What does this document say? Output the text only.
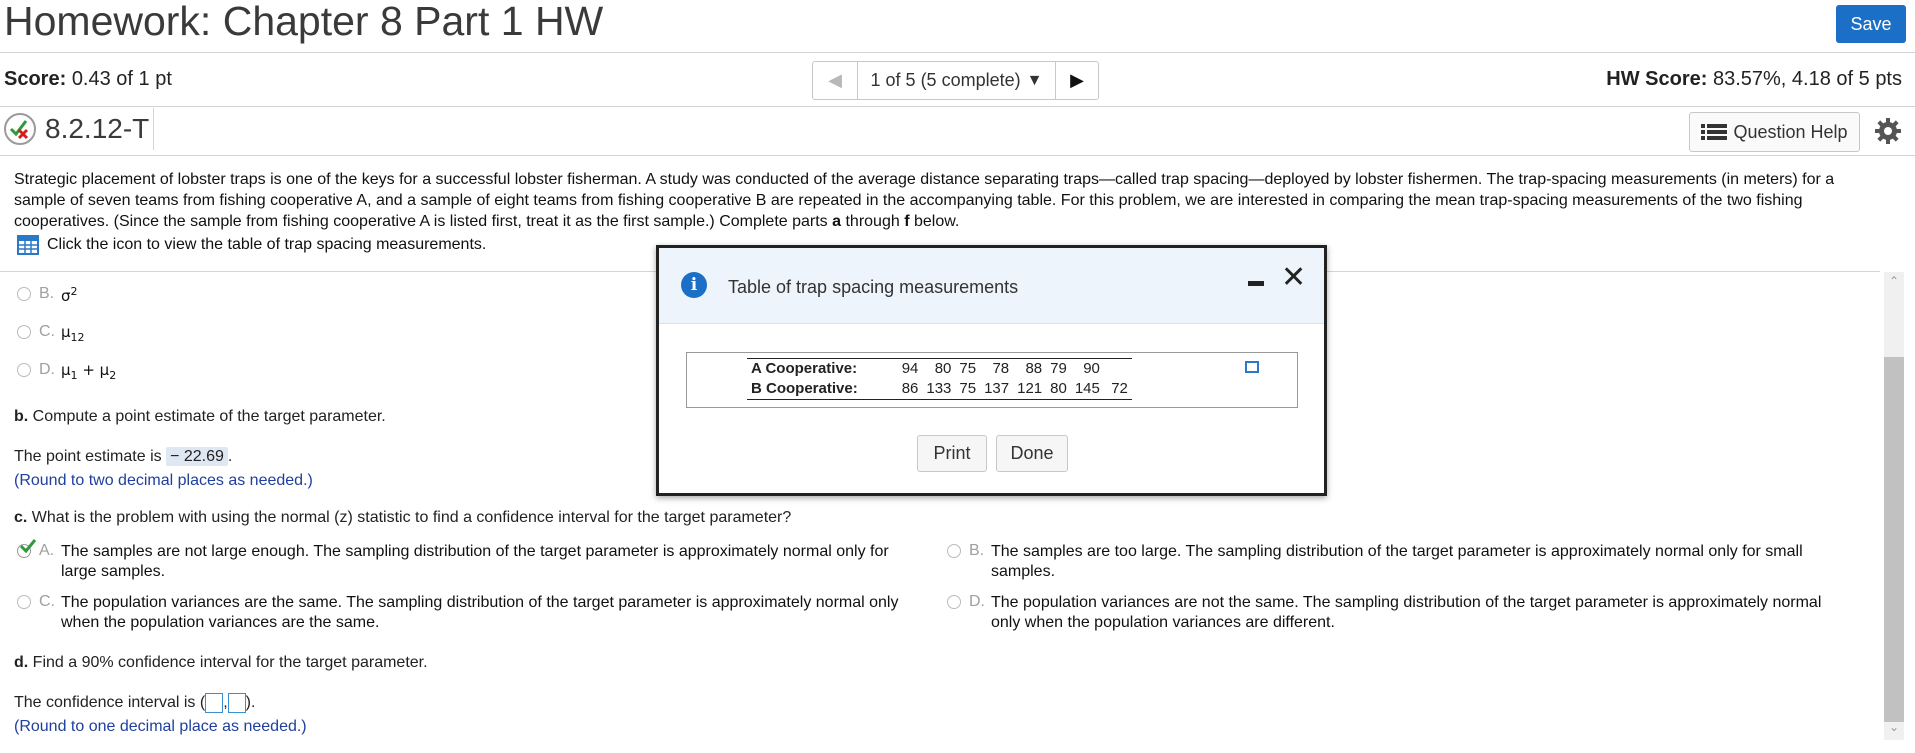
Homework: Chapter 8 Part 1 HW	Save
Score: 0.43 of 1 pt	◀ 1 of 5 (5 complete) ▼ ▶	HW Score: 83.57%, 4.18 of 5 pts
8.2.12-T	Question Help
Strategic placement of lobster traps is one of the keys for a successful lobster fisherman. A study was conducted of the average distance separating traps—called trap spacing—deployed by lobster fishermen. The trap-spacing measurements (in meters) for a sample of seven teams from fishing cooperative A, and a sample of eight teams from fishing cooperative B are repeated in the accompanying table. For this problem, we are interested in comparing the mean trap-spacing measurements of the two fishing cooperatives. (Since the sample from fishing cooperative A is listed first, treat it as the first sample.) Complete parts a through f below.
Click the icon to view the table of trap spacing measurements.
B. $\sigma^2$
C. $\mu_{12}$
D. $\mu_1 + \mu_2$
b. Compute a point estimate of the target parameter.
The point estimate is − 22.69 .
(Round to two decimal places as needed.)
c. What is the problem with using the normal (z) statistic to find a confidence interval for the target parameter?
A. The samples are not large enough. The sampling distribution of the target parameter is approximately normal only for
large samples.
B. The samples are too large. The sampling distribution of the target parameter is approximately normal only for small
samples.
C. The population variances are the same. The sampling distribution of the target parameter is approximately normal only
when the population variances are the same.
D. The population variances are not the same. The sampling distribution of the target parameter is approximately normal
only when the population variances are different.
d. Find a 90% confidence interval for the target parameter.
The confidence interval is ( , ).
(Round to one decimal place as needed.)
⌃
⌄
i	Table of trap spacing measurements	✕
A Cooperative:	94	80	75	78	88	79	90	
B Cooperative:	86	133	75	137	121	80	145	72
Print	Done
